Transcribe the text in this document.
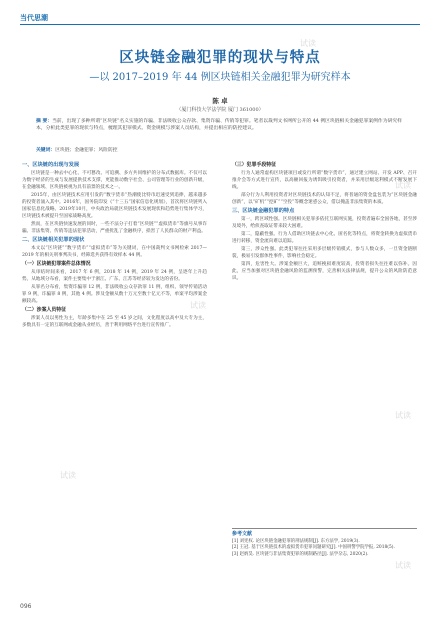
当代思潮
区块链金融犯罪的现状与特点
—以 2017–2019 年 44 例区块链相关金融犯罪为研究样本
陈 卓
（厦门科技大学法学院 厦门 361000）
摘 要：当前，出现了多种所谓“区块链”名义实施的诈骗、非法吸收公众存款、集资诈骗、传销等犯罪。笔者以裁判文书网所公开的 44 例区块链相关金融犯罪案例作为研究样本，分析此类犯罪的现状与特点，梳理其犯罪模式、资金规模与涉案人员结构，并提出相应的防控建议。
关键词：区块链；金融犯罪；风险防控
一、区块链的出现与发展

区块链是一种去中心化、不可篡改、可追溯、多方共同维护的分布式数据库。不仅可以为数字经济的生成与发展提供技术支撑，更能推动数字社会、公司管理等行业的创新升级，在金融领域、区块链被视为具有前景的技术之一。

2015年，由区块链技术应用引发的“数字货币”热潮使比特币迅速受到追捧，越来越多的投资者涌入其中。2016年，国务院印发《“十三五”国家信息化规划》，首次将区块链列入国家信息化战略。2019年10月，中央政治局就区块链技术发展现状和趋势进行集体学习，区块链技术被提升至国家战略高度。

然而，在区块链快速发展的同时，一些不法分子打着“区块链”“虚拟货币”等旗号从事诈骗、非法集资、传销等违法犯罪活动，严重扰乱了金融秩序，损害了人民群众的财产利益。

二、区块链相关犯罪的现状

本文以“区块链”“数字货币”“虚拟货币”等为关键词，在中国裁判文书网检索 2017—2019 年的相关刑事判决书，经筛选共获得有效样本 44 例。

（一）区块链犯罪案件总体情况

从审结时间来看，2017 年 6 例，2018 年 14 例，2019 年 24 例，呈逐年上升趋势。从地域分布看，案件主要集中于浙江、广东、江苏等经济较为发达的省份。

从罪名分布看，集资诈骗罪 12 例，非法吸收公众存款罪 11 例，组织、领导传销活动罪 9 例，诈骗罪 8 例，其他 4 例。涉及金额从数十万元至数十亿元不等，单案平均涉案金额较高。

（二）涉案人员特征

涉案人员以男性为主，年龄多集中在 25 至 45 岁之间，文化程度以高中及大专为主，多数具有一定的互联网或金融从业经历，善于利用网络平台进行宣传推广。

（三）犯罪手段特征

行为人通常虚构区块链项目或发行所谓“数字货币”，通过建立网站、开发 APP、召开推介会等方式进行宣传，以高额回报为诱饵吸引投资者，并采用层级返利模式不断发展下线。

部分行为人利用投资者对区块链技术的认知不足，将普通的资金盘包装为“区块链金融创新”，以“矿机”“挖矿”“空投”等概念迷惑公众，借以掩盖非法集资的本质。

三、区块链金融犯罪的特点

第一，跨区域性强。区块链相关犯罪多依托互联网实施，投资者遍布全国各地，甚至涉及境外，给侦查取证带来较大困难。

第二，隐蔽性强。行为人借助区块链去中心化、匿名化等特点，将资金转换为虚拟货币进行转移，资金流向难以追踪。

第三，涉众性强。此类犯罪往往采用多层级传销模式，参与人数众多，一旦资金链断裂，极易引发群体性事件，影响社会稳定。

第四，危害性大。涉案金额巨大，追赃挽损难度较高，投资者损失往往难以弥补。因此，应当加强对区块链金融风险的监测预警，完善相关法律法规，提升公众的风险防范意识。

参考文献
[1] 刘宪权. 论区块链金融犯罪的刑法规制[J]. 东方法学, 2019(3).
[2] 王冠. 基于区块链技术的虚拟货币犯罪问题研究[J]. 中国刑警学院学报, 2018(5).
[3] 赵炳昊. 区块链与非法集资犯罪的规制路径[J]. 法学杂志, 2020(2).
096
试读
试读
试读
试读
试读
试读
